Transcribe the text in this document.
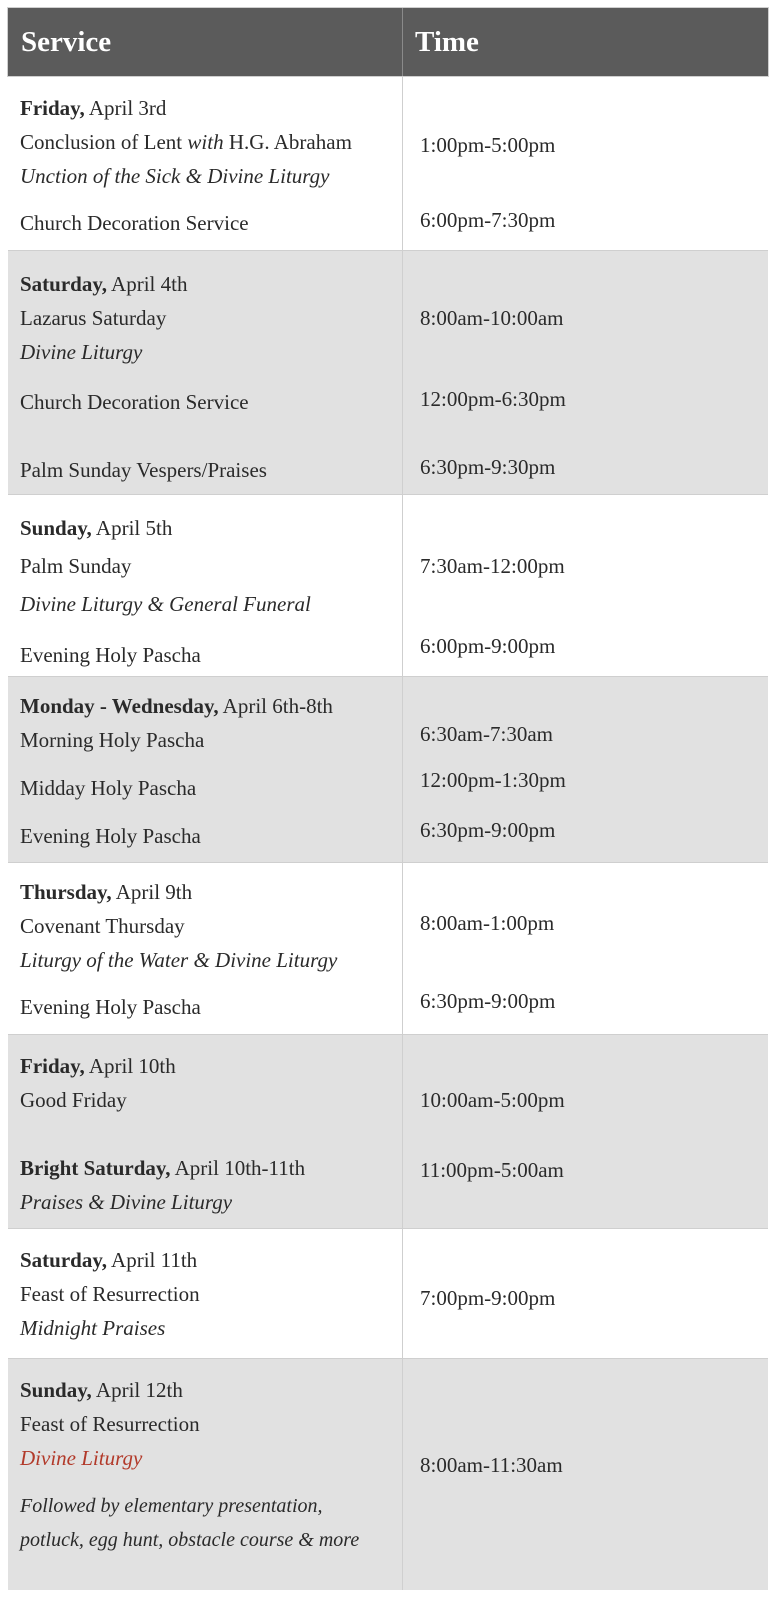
Service	Time
Friday, April 3rd
Conclusion of Lent with H.G. Abraham
Unction of the Sick & Divine Liturgy
Church Decoration Service
1:00pm-5:00pm
6:00pm-7:30pm
Saturday, April 4th
Lazarus Saturday
Divine Liturgy
Church Decoration Service
Palm Sunday Vespers/Praises
8:00am-10:00am
12:00pm-6:30pm
6:30pm-9:30pm
Sunday, April 5th
Palm Sunday
Divine Liturgy & General Funeral
Evening Holy Pascha
7:30am-12:00pm
6:00pm-9:00pm
Monday - Wednesday, April 6th-8th
Morning Holy Pascha
Midday Holy Pascha
Evening Holy Pascha
6:30am-7:30am
12:00pm-1:30pm
6:30pm-9:00pm
Thursday, April 9th
Covenant Thursday
Liturgy of the Water & Divine Liturgy
Evening Holy Pascha
8:00am-1:00pm
6:30pm-9:00pm
Friday, April 10th
Good Friday
Bright Saturday, April 10th-11th
Praises & Divine Liturgy
10:00am-5:00pm
11:00pm-5:00am
Saturday, April 11th
Feast of Resurrection
Midnight Praises
7:00pm-9:00pm
Sunday, April 12th
Feast of Resurrection
Divine Liturgy
Followed by elementary presentation,
potluck, egg hunt, obstacle course & more
8:00am-11:30am
